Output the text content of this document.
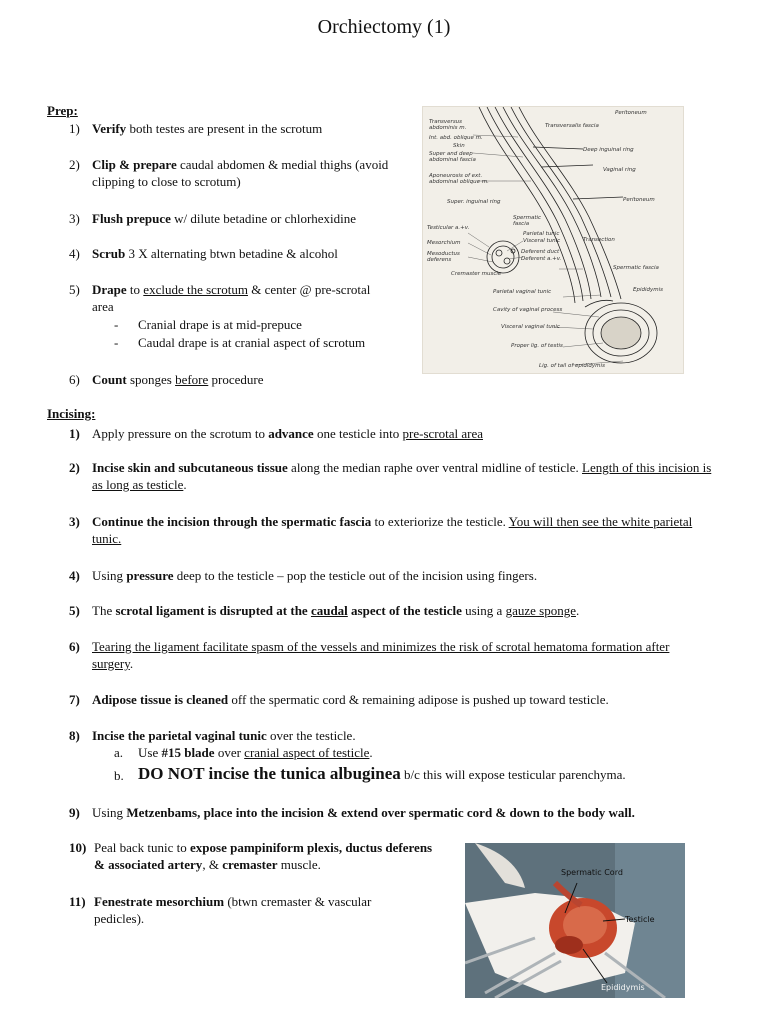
Orchiectomy (1)
Prep:
1) Verify both testes are present in the scrotum
2) Clip & prepare caudal abdomen & medial thighs (avoid clipping to close to scrotum)
3) Flush prepuce w/ dilute betadine or chlorhexidine
4) Scrub 3 X alternating btwn betadine & alcohol
5) Drape to exclude the scrotum & center @ pre-scrotal area
- Cranial drape is at mid-prepuce
- Caudal drape is at cranial aspect of scrotum
6) Count sponges before procedure
Incising:
1) Apply pressure on the scrotum to advance one testicle into pre-scrotal area
2) Incise skin and subcutaneous tissue along the median raphe over ventral midline of testicle. Length of this incision is as long as testicle.
3) Continue the incision through the spermatic fascia to exteriorize the testicle. You will then see the white parietal tunic.
4) Using pressure deep to the testicle – pop the testicle out of the incision using fingers.
5) The scrotal ligament is disrupted at the caudal aspect of the testicle using a gauze sponge.
6) Tearing the ligament facilitate spasm of the vessels and minimizes the risk of scrotal hematoma formation after surgery.
7) Adipose tissue is cleaned off the spermatic cord & remaining adipose is pushed up toward testicle.
8) Incise the parietal vaginal tunic over the testicle.
a. Use #15 blade over cranial aspect of testicle.
b. DO NOT incise the tunica albuginea b/c this will expose testicular parenchyma.
9) Using Metzenbams, place into the incision & extend over spermatic cord & down to the body wall.
10) Peal back tunic to expose pampiniform plexis, ductus deferens & associated artery, & cremaster muscle.
11) Fenestrate mesorchium (btwn cremaster & vascular pedicles).
Peritoneum
Transversalis fascia
Transversus abdominis m.
Int. abd. oblique m.
Skin
Super and deep abdominal fascia
Deep inguinal ring
Aponeurosis of ext. abdominal oblique m.
Vaginal ring
Peritoneum
Super. inguinal ring
Spermatic fascia
Testicular a.+v.
Parietal tunic
Visceral tunic
Mesorchium
Mesoductus deferens
Deferent duct
Deferent a.+v.
Transection
Cremaster muscle
Spermatic fascia
Parietal vaginal tunic	Epididymis
Cavity of vaginal process
Visceral vaginal tunic
Proper lig. of testis
Lig. of tail of epididymis
Spermatic Cord
Testicle
Epididymis
